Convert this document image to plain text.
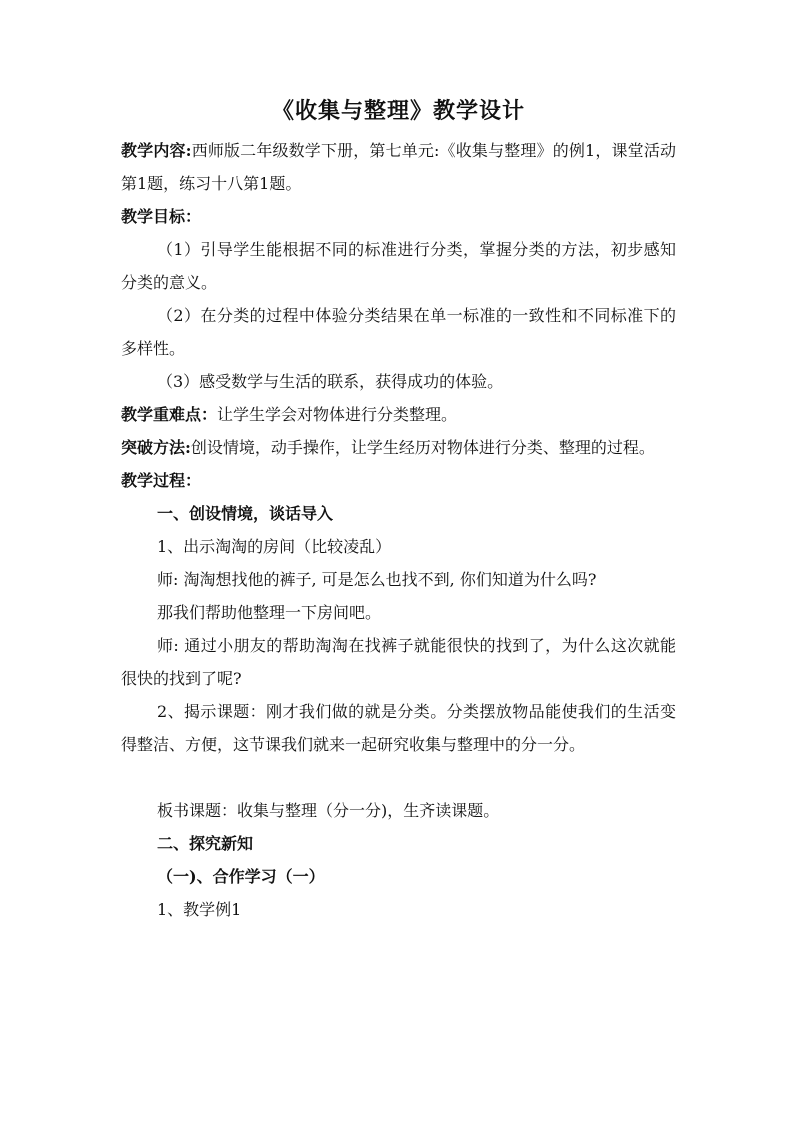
《收集与整理》教学设计

教学内容:西师版二年级数学下册，第七单元:《收集与整理》的例1，课堂活动第1题，练习十八第1题。

教学目标：

（1）引导学生能根据不同的标准进行分类，掌握分类的方法，初步感知分类的意义。

（2）在分类的过程中体验分类结果在单一标准的一致性和不同标准下的多样性。

（3）感受数学与生活的联系，获得成功的体验。

教学重难点：让学生学会对物体进行分类整理。

突破方法:创设情境，动手操作，让学生经历对物体进行分类、整理的过程。

教学过程：

一、创设情境，谈话导入

1、出示淘淘的房间（比较凌乱）

师: 淘淘想找他的裤子, 可是怎么也找不到, 你们知道为什么吗?

那我们帮助他整理一下房间吧。

师: 通过小朋友的帮助淘淘在找裤子就能很快的找到了，为什么这次就能很快的找到了呢?

2、揭示课题：刚才我们做的就是分类。分类摆放物品能使我们的生活变得整洁、方便，这节课我们就来一起研究收集与整理中的分一分。

板书课题：收集与整理（分一分)，生齐读课题。

二、探究新知

（一)、合作学习（一）

1、教学例1
